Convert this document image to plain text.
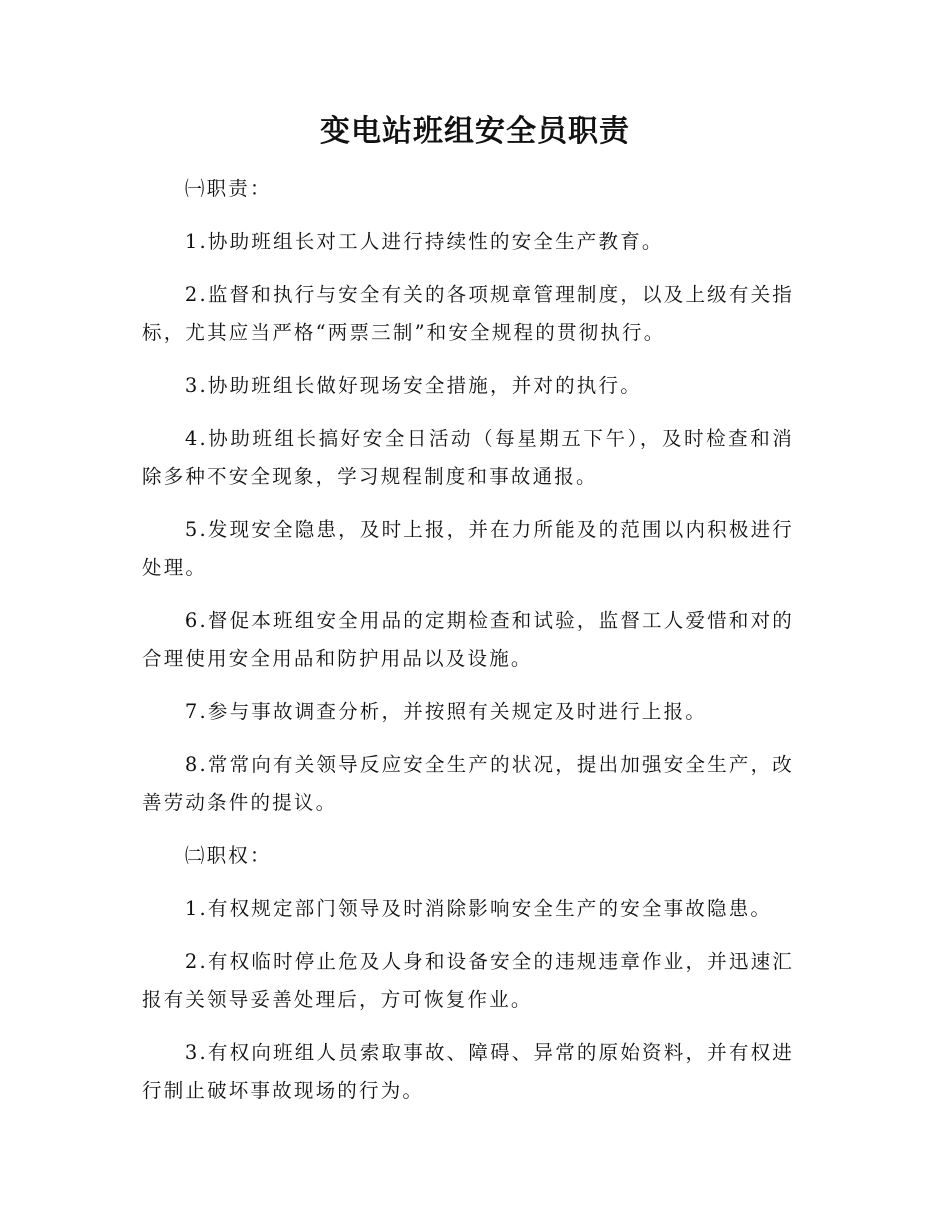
变电站班组安全员职责

㈠职责：

1.协助班组长对工人进行持续性的安全生产教育。

2.监督和执行与安全有关的各项规章管理制度，以及上级有关指标，尤其应当严格“两票三制”和安全规程的贯彻执行。

3.协助班组长做好现场安全措施，并对的执行。

4.协助班组长搞好安全日活动（每星期五下午），及时检查和消除多种不安全现象，学习规程制度和事故通报。

5.发现安全隐患，及时上报，并在力所能及的范围以内积极进行处理。

6.督促本班组安全用品的定期检查和试验，监督工人爱惜和对的合理使用安全用品和防护用品以及设施。

7.参与事故调查分析，并按照有关规定及时进行上报。

8.常常向有关领导反应安全生产的状况，提出加强安全生产，改善劳动条件的提议。

㈡职权：

1.有权规定部门领导及时消除影响安全生产的安全事故隐患。

2.有权临时停止危及人身和设备安全的违规违章作业，并迅速汇报有关领导妥善处理后，方可恢复作业。

3.有权向班组人员索取事故、障碍、异常的原始资料，并有权进行制止破坏事故现场的行为。
